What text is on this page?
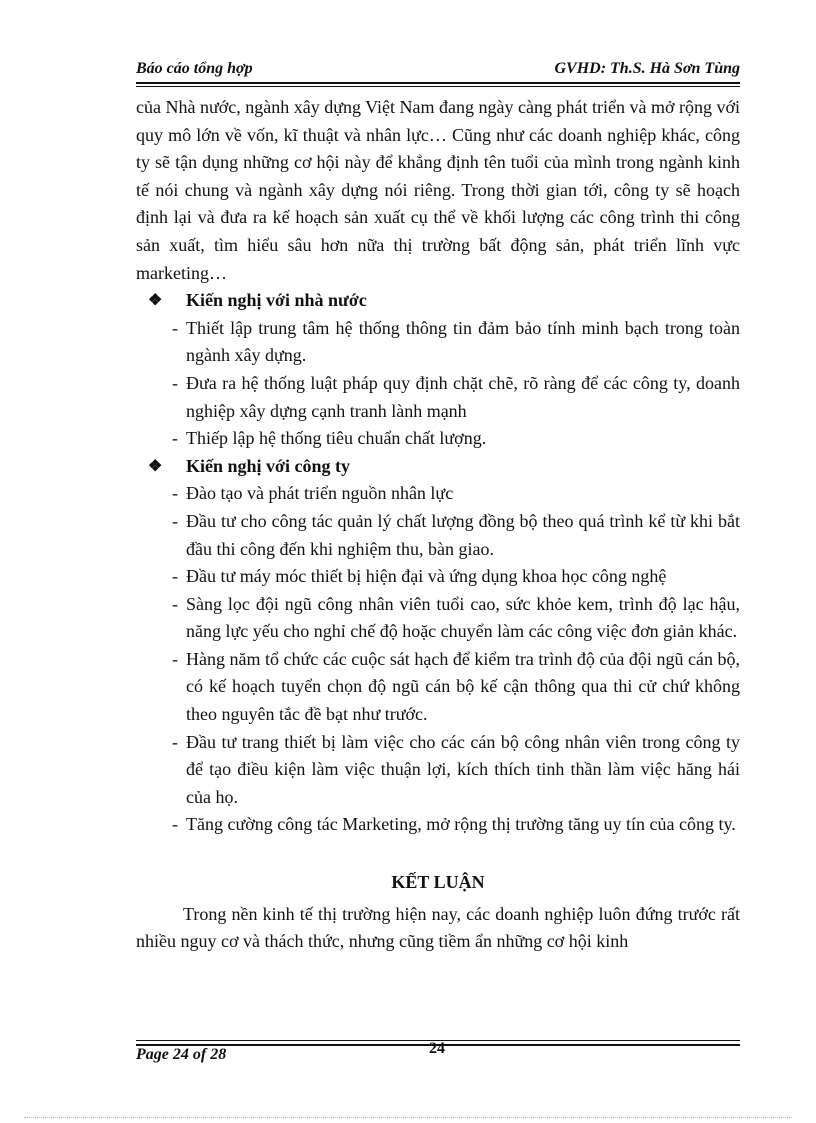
Báo cáo tổng hợp	GVHD: Th.S. Hà Sơn Tùng

của Nhà nước, ngành xây dựng Việt Nam đang ngày càng phát triển và mở rộng với quy mô lớn về vốn, kĩ thuật và nhân lực… Cũng như các doanh nghiệp khác, công ty sẽ tận dụng những cơ hội này để khẳng định tên tuổi của mình trong ngành kinh tế nói chung và ngành xây dựng nói riêng. Trong thời gian tới, công ty sẽ hoạch định lại và đưa ra kế hoạch sản xuất cụ thể về khối lượng các công trình thi công sản xuất, tìm hiểu sâu hơn nữa thị trường bất động sản, phát triển lĩnh vực marketing…

❖	Kiến nghị với nhà nước
- Thiết lập trung tâm hệ thống thông tin đảm bảo tính minh bạch trong toàn ngành xây dựng.
- Đưa ra hệ thống luật pháp quy định chặt chẽ, rõ ràng để các công ty, doanh nghiệp xây dựng cạnh tranh lành mạnh
- Thiếp lập hệ thống tiêu chuẩn chất lượng.
❖	Kiến nghị với công ty
- Đào tạo và phát triển nguồn nhân lực
- Đầu tư cho công tác quản lý chất lượng đồng bộ theo quá trình kể từ khi bắt đầu thi công đến khi nghiệm thu, bàn giao.
- Đầu tư máy móc thiết bị hiện đại và ứng dụng khoa học công nghệ
- Sàng lọc đội ngũ công nhân viên tuổi cao, sức khỏe kem, trình độ lạc hậu, năng lực yếu cho nghỉ chế độ hoặc chuyển làm các công việc đơn giản khác.
- Hàng năm tổ chức các cuộc sát hạch để kiểm tra trình độ của đội ngũ cán bộ, có kế hoạch tuyển chọn độ ngũ cán bộ kế cận thông qua thi cử chứ không theo nguyên tắc đề bạt như trước.
- Đầu tư trang thiết bị làm việc cho các cán bộ công nhân viên trong công ty để tạo điều kiện làm việc thuận lợi, kích thích tinh thần làm việc hăng hái của họ.
- Tăng cường công tác Marketing, mở rộng thị trường tăng uy tín của công ty.
KẾT LUẬN

Trong nền kinh tế thị trường hiện nay, các doanh nghiệp luôn đứng trước rất nhiều nguy cơ và thách thức, nhưng cũng tiềm ẩn những cơ hội kinh

Page 24 of 28	24
